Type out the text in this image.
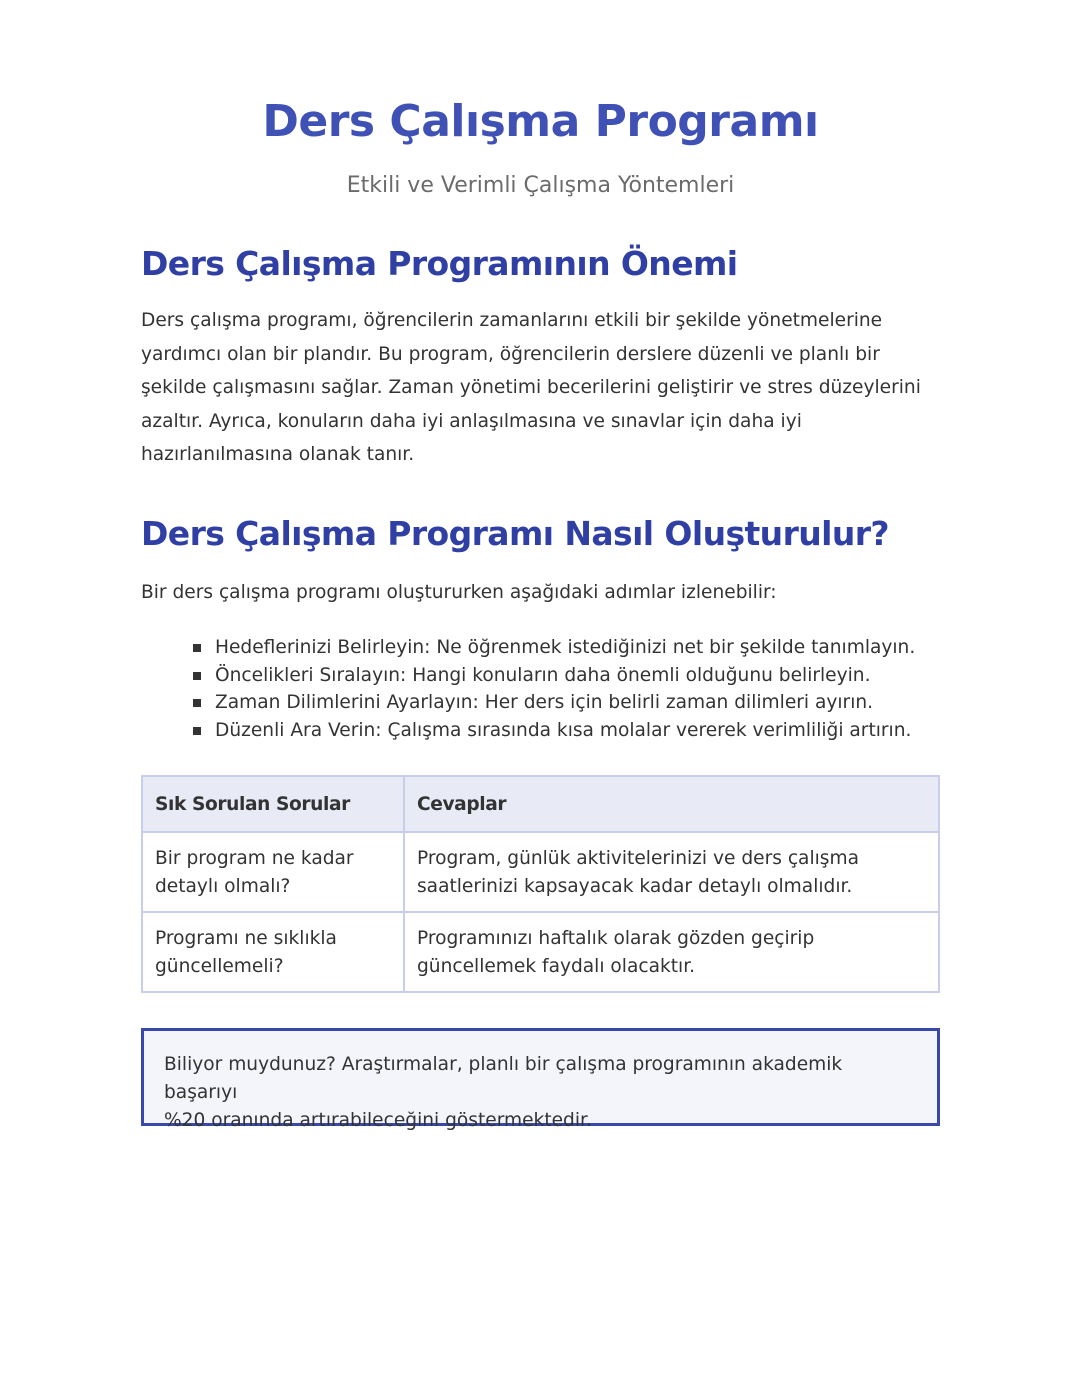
Ders Çalışma Programı

Etkili ve Verimli Çalışma Yöntemleri

Ders Çalışma Programının Önemi

Ders çalışma programı, öğrencilerin zamanlarını etkili bir şekilde yönetmelerine
yardımcı olan bir plandır. Bu program, öğrencilerin derslere düzenli ve planlı bir
şekilde çalışmasını sağlar. Zaman yönetimi becerilerini geliştirir ve stres düzeylerini
azaltır. Ayrıca, konuların daha iyi anlaşılmasına ve sınavlar için daha iyi
hazırlanılmasına olanak tanır.

Ders Çalışma Programı Nasıl Oluşturulur?

Bir ders çalışma programı oluştururken aşağıdaki adımlar izlenebilir:

Hedeflerinizi Belirleyin: Ne öğrenmek istediğinizi net bir şekilde tanımlayın.
Öncelikleri Sıralayın: Hangi konuların daha önemli olduğunu belirleyin.
Zaman Dilimlerini Ayarlayın: Her ders için belirli zaman dilimleri ayırın.
Düzenli Ara Verin: Çalışma sırasında kısa molalar vererek verimliliği artırın.
Sık Sorulan Sorular	Cevaplar
Bir program ne kadar
detaylı olmalı?	Program, günlük aktivitelerinizi ve ders çalışma
saatlerinizi kapsayacak kadar detaylı olmalıdır.
Programı ne sıklıkla
güncellemeli?	Programınızı haftalık olarak gözden geçirip
güncellemek faydalı olacaktır.
Biliyor muydunuz? Araştırmalar, planlı bir çalışma programının akademik başarıyı
%20 oranında artırabileceğini göstermektedir.
